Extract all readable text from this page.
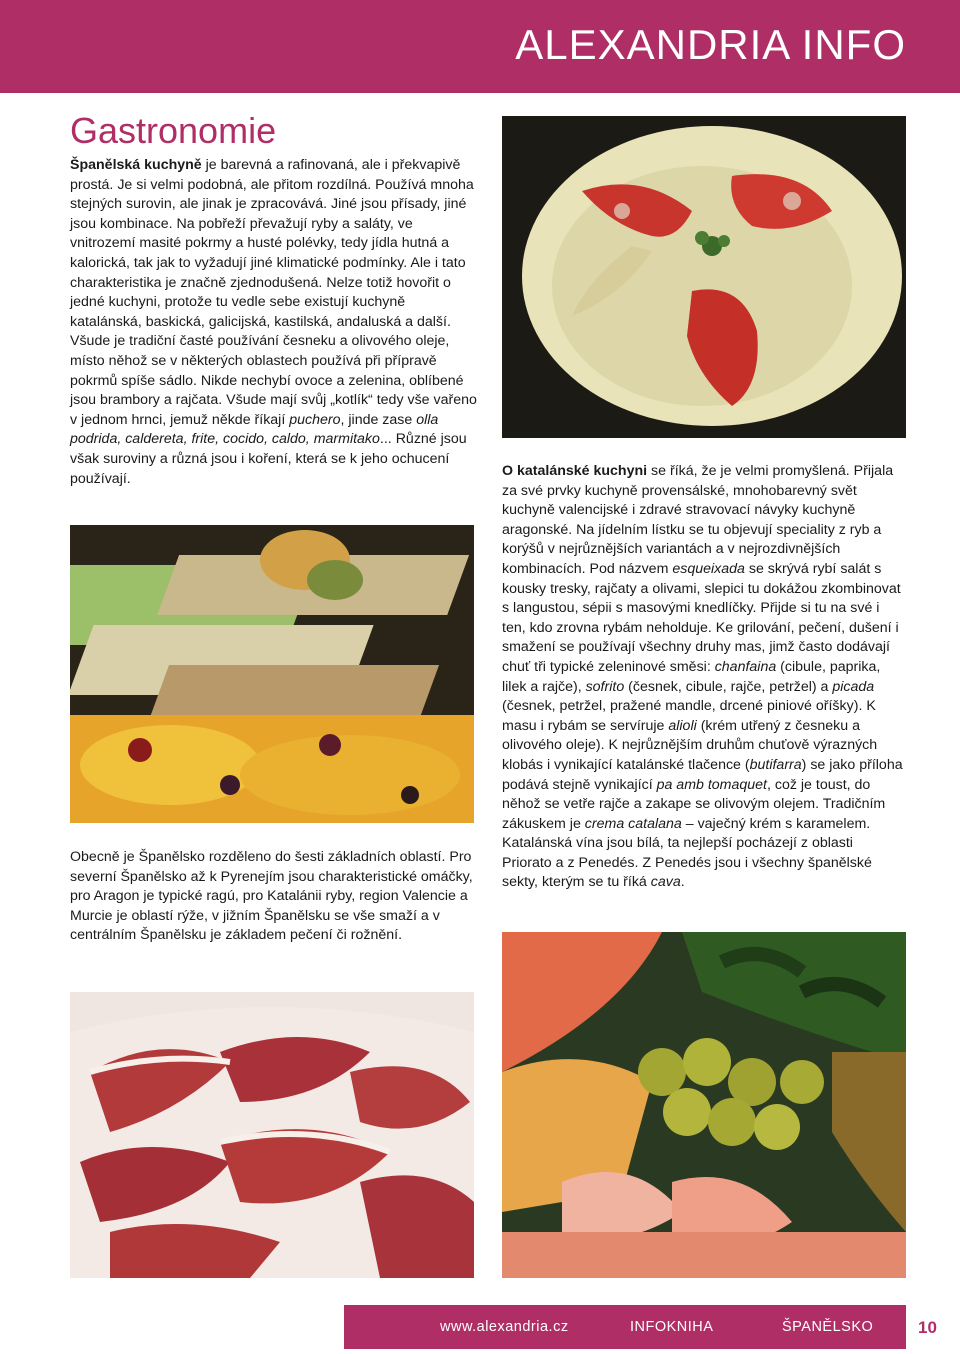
ALEXANDRIA INFO
Gastronomie

Španělská kuchyně je barevná a rafinovaná, ale i překvapivě prostá. Je si velmi podobná, ale přitom rozdílná. Používá mnoha stejných surovin, ale jinak je zpracovává. Jiné jsou přísady, jiné jsou kombinace. Na pobřeží převažují ryby a saláty, ve vnitrozemí masité pokrmy a husté polévky, tedy jídla hutná a kalorická, tak jak to vyžadují jiné klimatické podmínky. Ale i tato charakteristika je značně zjednodušená. Nelze totiž hovořit o jedné kuchyni, protože tu vedle sebe existují kuchyně katalánská, baskická, galicijská, kastilská, andaluská a další. Všude je tradiční časté používání česneku a olivového oleje, místo něhož se v některých oblastech používá při přípravě pokrmů spíše sádlo. Nikde nechybí ovoce a zelenina, oblíbené jsou brambory a rajčata. Všude mají svůj „kotlík“ tedy vše vařeno v jednom hrnci, jemuž někde říkají puchero, jinde zase olla podrida, caldereta, frite, cocido, caldo, marmitako... Různé jsou však suroviny a různá jsou i koření, která se k jeho ochucení používají.	O katalánské kuchyni se říká, že je velmi promyšlená. Přijala za své prvky kuchyně provensálské, mnohobarevný svět kuchyně valencijské i zdravé stravovací návyky kuchyně aragonské. Na jídelním lístku se tu objevují speciality z ryb a korýšů v nejrůznějších variantách a v nejrozdivnějších kombinacích. Pod názvem esqueixada se skrývá rybí salát s kousky tresky, rajčaty a olivami, slepici tu dokážou zkombinovat s langustou, sépii s masovými knedlíčky. Přijde si tu na své i ten, kdo zrovna rybám neholduje. Ke grilování, pečení, dušení i smažení se používají všechny druhy mas, jimž často dodávají chuť tři typické zeleninové směsi: chanfaina (cibule, paprika, lilek a rajče), sofrito (česnek, cibule, rajče, petržel) a picada (česnek, petržel, pražené mandle, drcené piniové oříšky). K masu i rybám se servíruje alioli (krém utřený z česneku a olivového oleje). K nejrůznějším druhům chuťově výrazných klobás i vynikající katalánské tlačence (butifarra) se jako příloha podává stejně vynikající pa amb tomaquet, což je toust, do něhož se vetře rajče a zakape se olivovým olejem. Tradičním zákuskem je crema catalana – vaječný krém s karamelem. Katalánská vína jsou bílá, ta nejlepší pocházejí z oblasti Priorato a z Penedés. Z Penedés jsou i všechny španělské sekty, kterým se tu říká cava.

Obecně je Španělsko rozděleno do šesti základních oblastí. Pro severní Španělsko až k Pyrenejím jsou charakteristické omáčky, pro Aragon je typické ragú, pro Katalánii ryby, region Valencie a Murcie je oblastí rýže, v jižním Španělsku se vše smaží a v centrálním Španělsku je základem pečení či rožnění.

www.alexandria.cz	INFOKNIHA	ŠPANĚLSKO	10
